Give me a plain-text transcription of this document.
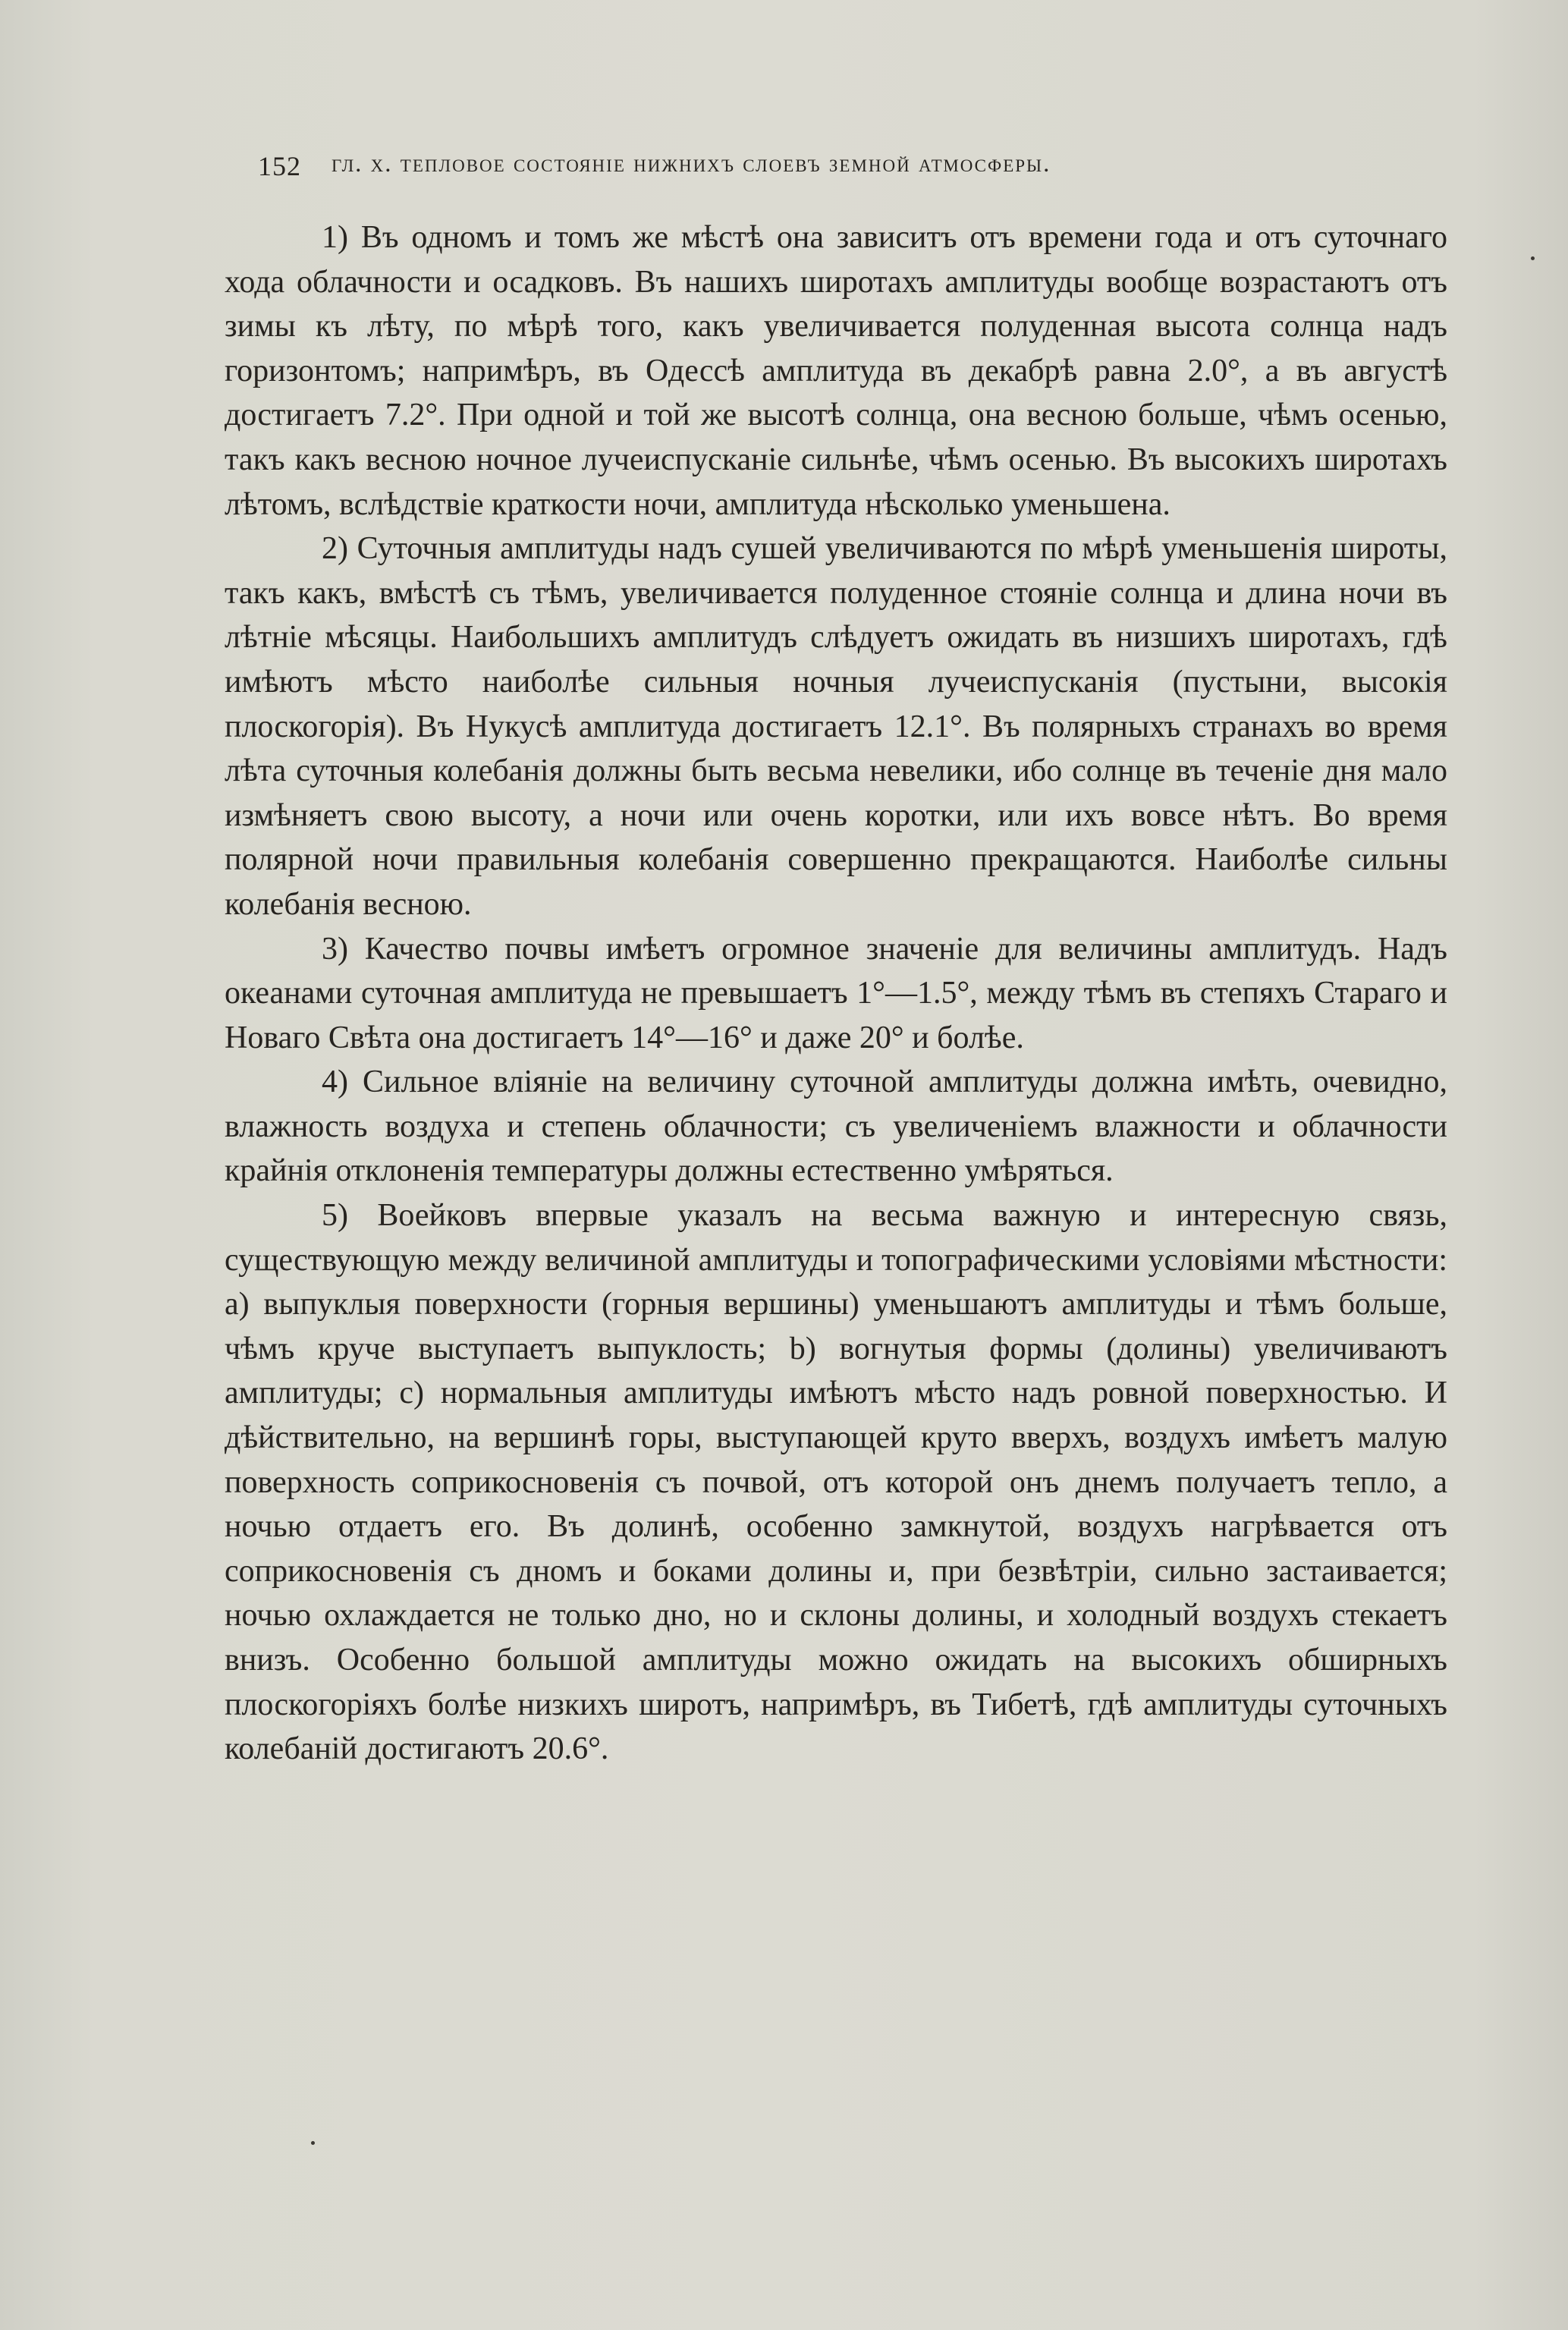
152 гл. x. тепловое состояніе нижнихъ слоевъ земной атмосферы.

1) Въ одномъ и томъ же мѣстѣ она зависитъ отъ времени года и отъ суточнаго хода облачности и осадковъ. Въ нашихъ широтахъ амплитуды вообще возрастаютъ отъ зимы къ лѣту, по мѣрѣ того, какъ увеличивается полуденная высота солнца надъ горизонтомъ; напримѣръ, въ Одессѣ амплитуда въ декабрѣ равна 2.0°, а въ августѣ достигаетъ 7.2°. При одной и той же высотѣ солнца, она весною больше, чѣмъ осенью, такъ какъ весною ночное лучеиспусканіе сильнѣе, чѣмъ осенью. Въ высокихъ широтахъ лѣтомъ, вслѣдствіе краткости ночи, амплитуда нѣсколько уменьшена.

2) Суточныя амплитуды надъ сушей увеличиваются по мѣрѣ уменьшенія широты, такъ какъ, вмѣстѣ съ тѣмъ, увеличивается полуденное стояніе солнца и длина ночи въ лѣтніе мѣсяцы. Наибольшихъ амплитудъ слѣдуетъ ожидать въ низшихъ широтахъ, гдѣ имѣютъ мѣсто наиболѣе сильныя ночныя лучеиспусканія (пустыни, высокія плоскогорія). Въ Нукусѣ амплитуда достигаетъ 12.1°. Въ полярныхъ странахъ во время лѣта суточныя колебанія должны быть весьма невелики, ибо солнце въ теченіе дня мало измѣняетъ свою высоту, а ночи или очень коротки, или ихъ вовсе нѣтъ. Во время полярной ночи правильныя колебанія совершенно прекращаются. Наиболѣе сильны колебанія весною.

3) Качество почвы имѣетъ огромное значеніе для величины амплитудъ. Надъ океанами суточная амплитуда не превышаетъ 1°—1.5°, между тѣмъ въ степяхъ Стараго и Новаго Свѣта она достигаетъ 14°—16° и даже 20° и болѣе.

4) Сильное вліяніе на величину суточной амплитуды должна имѣть, очевидно, влажность воздуха и степень облачности; съ увеличеніемъ влажности и облачности крайнія отклоненія температуры должны естественно умѣряться.

5) Воейковъ впервые указалъ на весьма важную и интересную связь, существующую между величиной амплитуды и топографическими условіями мѣстности: a) выпуклыя поверхности (горныя вершины) уменьшаютъ амплитуды и тѣмъ больше, чѣмъ круче выступаетъ выпуклость; b) вогнутыя формы (долины) увеличиваютъ амплитуды; c) нормальныя амплитуды имѣютъ мѣсто надъ ровной поверхностью. И дѣйствительно, на вершинѣ горы, выступающей круто вверхъ, воздухъ имѣетъ малую поверхность соприкосновенія съ почвой, отъ которой онъ днемъ получаетъ тепло, а ночью отдаетъ его. Въ долинѣ, особенно замкнутой, воздухъ нагрѣвается отъ соприкосновенія съ дномъ и боками долины и, при безвѣтріи, сильно застаивается; ночью охлаждается не только дно, но и склоны долины, и холодный воздухъ стекаетъ внизъ. Особенно большой амплитуды можно ожидать на высокихъ обширныхъ плоскогоріяхъ болѣе низкихъ широтъ, напримѣръ, въ Тибетѣ, гдѣ амплитуды суточныхъ колебаній достигаютъ 20.6°.
